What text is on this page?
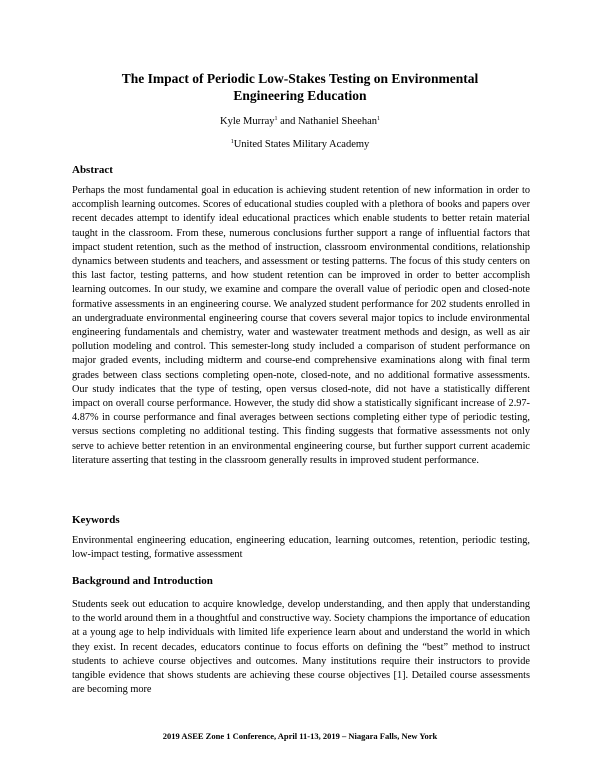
The Impact of Periodic Low-Stakes Testing on Environmental
Engineering Education
Kyle Murray$^1$ and Nathaniel Sheehan$^1$
$^1$United States Military Academy
Abstract

Perhaps the most fundamental goal in education is achieving student retention of new information in order to accomplish learning outcomes. Scores of educational studies coupled with a plethora of books and papers over recent decades attempt to identify ideal educational practices which enable students to better retain material taught in the classroom. From these, numerous conclusions further support a range of influential factors that impact student retention, such as the method of instruction, classroom environmental conditions, relationship dynamics between students and teachers, and assessment or testing patterns. The focus of this study centers on this last factor, testing patterns, and how student retention can be improved in order to better accomplish learning outcomes. In our study, we examine and compare the overall value of periodic open and closed-note formative assessments in an engineering course. We analyzed student performance for 202 students enrolled in an undergraduate environmental engineering course that covers several major topics to include environmental engineering fundamentals and chemistry, water and wastewater treatment methods and design, as well as air pollution modeling and control. This semester-long study included a comparison of student performance on major graded events, including midterm and course-end comprehensive examinations along with final term grades between class sections completing open-note, closed-note, and no additional formative assessments. Our study indicates that the type of testing, open versus closed-note, did not have a statistically different impact on overall course performance. However, the study did show a statistically significant increase of 2.97-4.87% in course performance and final averages between sections completing either type of periodic testing, versus sections completing no additional testing. This finding suggests that formative assessments not only serve to achieve better retention in an environmental engineering course, but further support current academic literature asserting that testing in the classroom generally results in improved student performance.

Keywords

Environmental engineering education, engineering education, learning outcomes, retention, periodic testing, low-impact testing, formative assessment

Background and Introduction

Students seek out education to acquire knowledge, develop understanding, and then apply that understanding to the world around them in a thoughtful and constructive way. Society champions the importance of education at a young age to help individuals with limited life experience learn about and understand the world in which they exist. In recent decades, educators continue to focus efforts on defining the “best” method to instruct students to achieve course objectives and outcomes. Many institutions require their instructors to provide tangible evidence that shows students are achieving these course objectives [1]. Detailed course assessments are becoming more

2019 ASEE Zone 1 Conference, April 11-13, 2019 – Niagara Falls, New York
